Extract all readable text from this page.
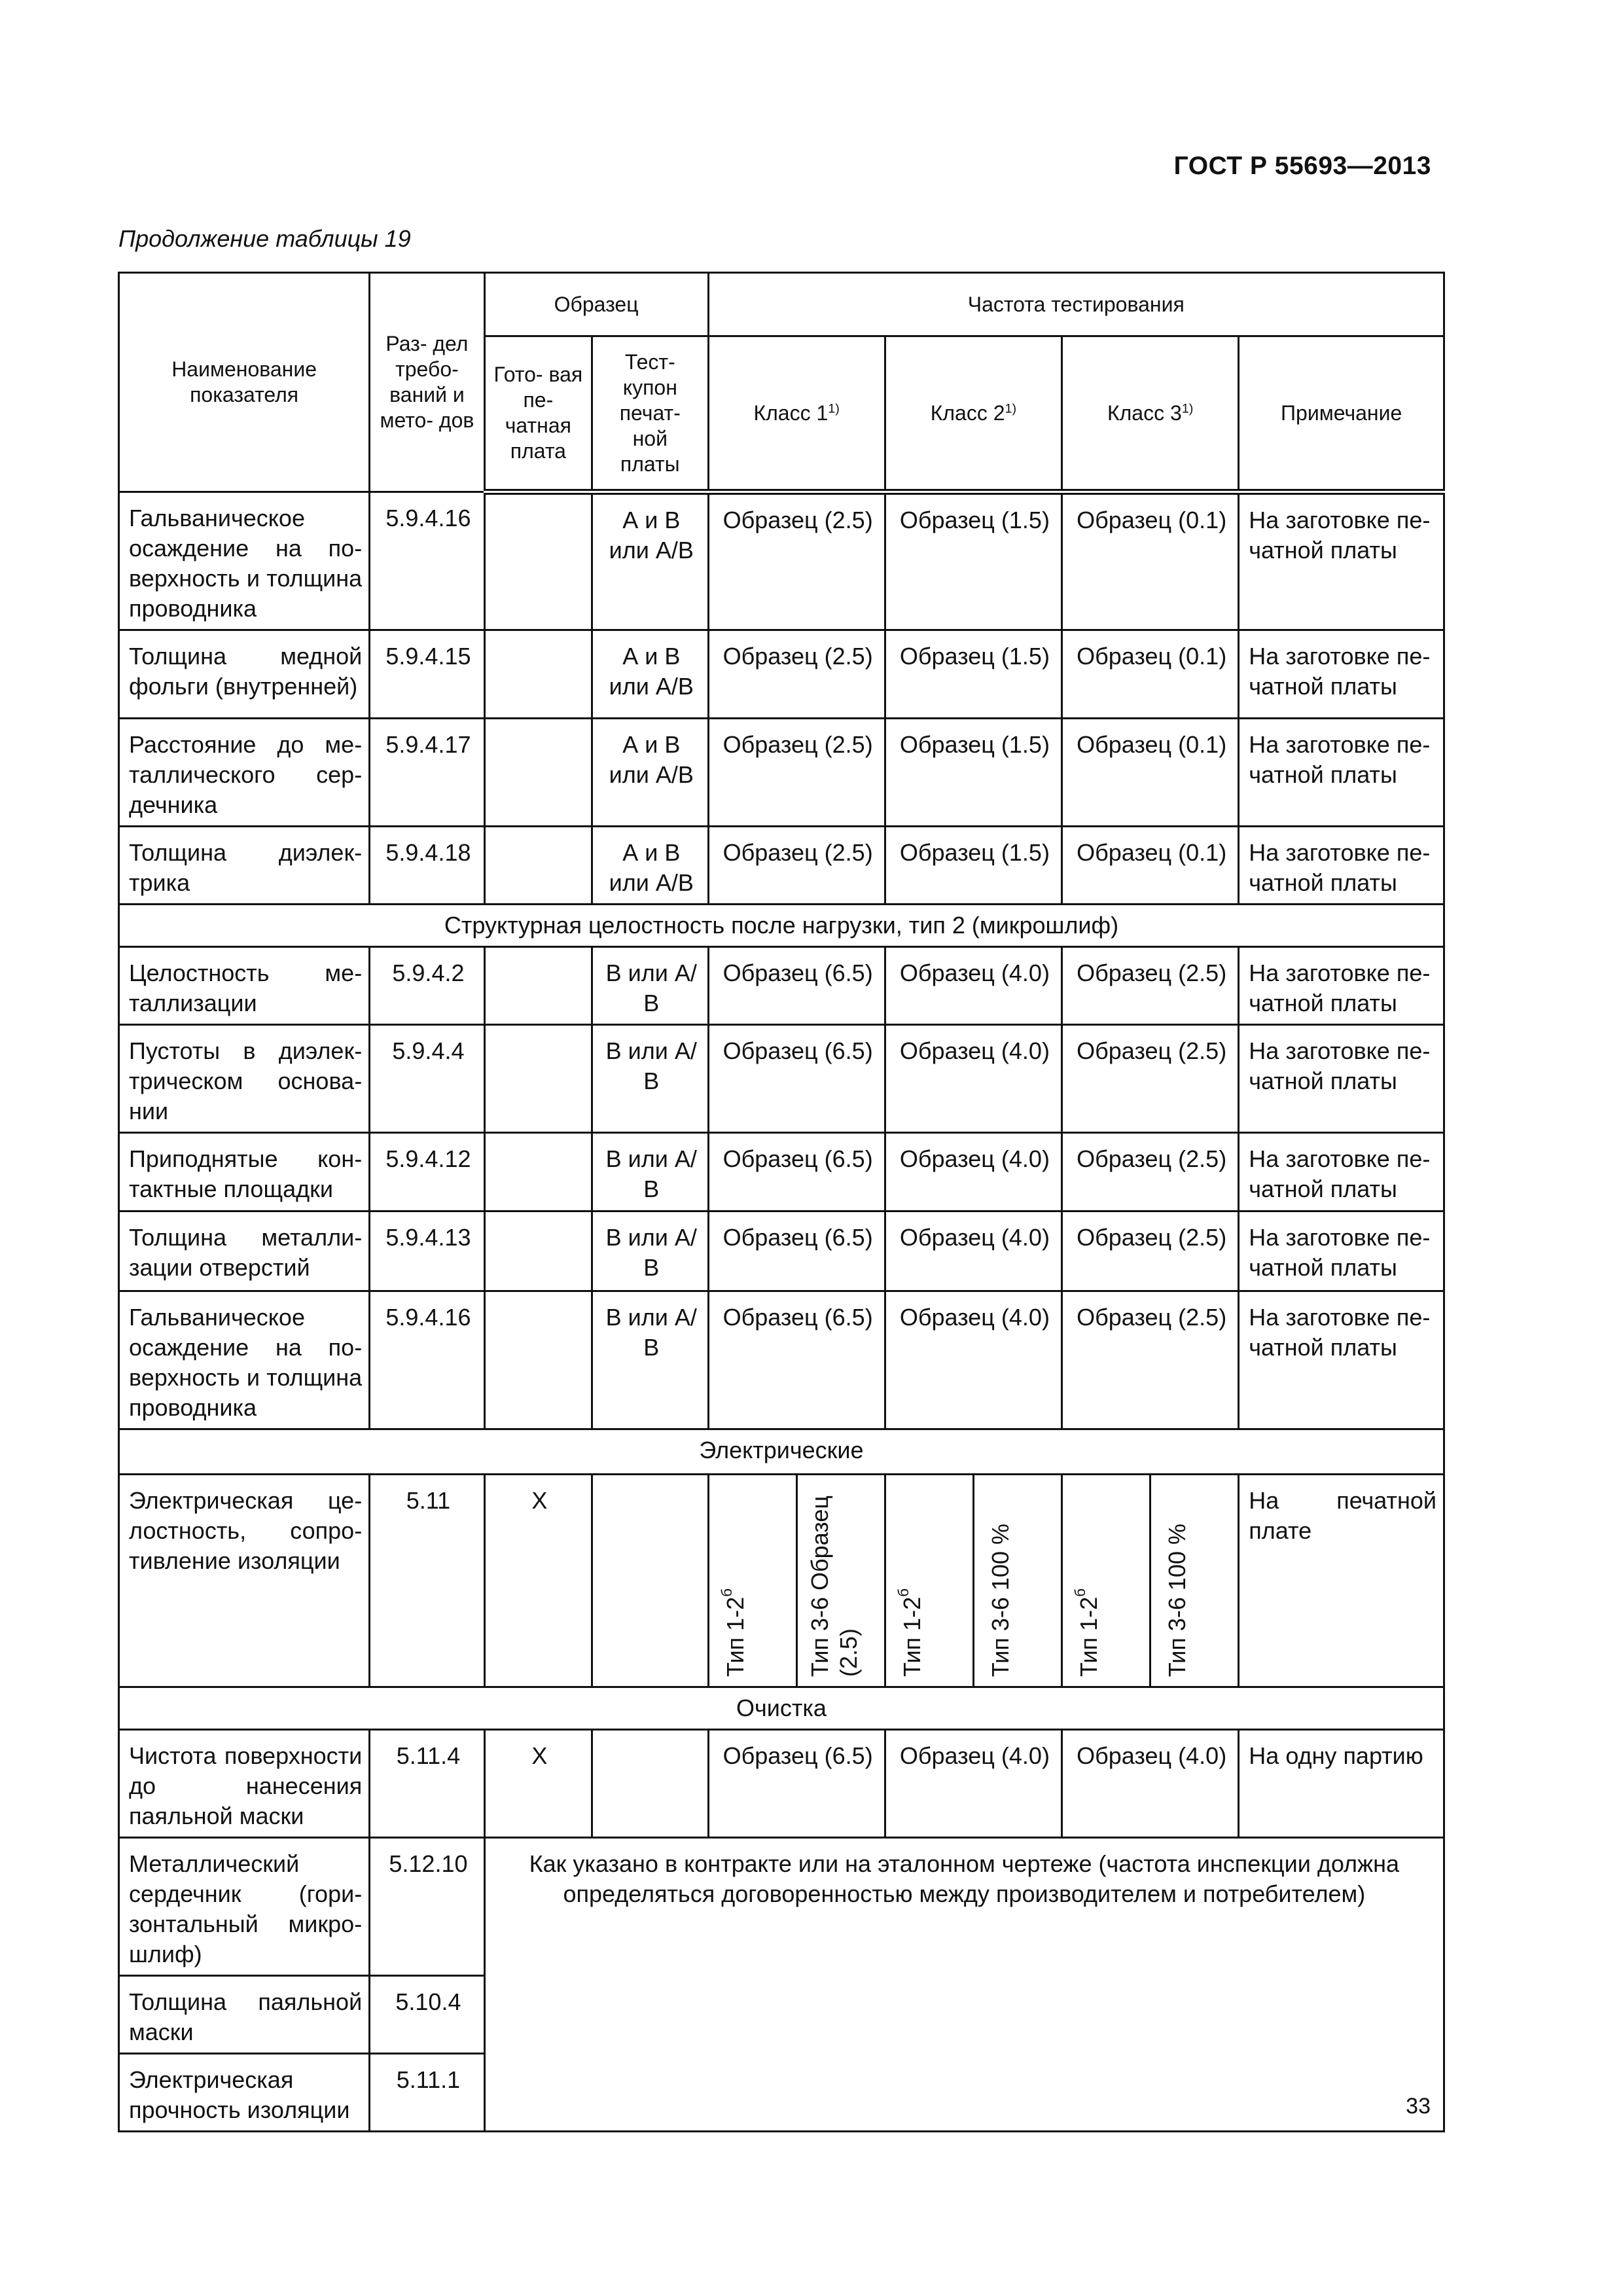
ГОСТ Р 55693—2013
Продолжение таблицы 19
Наименование показателя	Раз- дел требо- ваний и мето- дов	Образец		Частота тестирования						
		Гото- вая пе- чатная плата	Тест- купон печат- ной платы	Класс 1$^{1)}$		Класс 2$^{1)}$		Класс 3$^{1)}$		Примечание
Гальваническое осаждение на поверхность и толщина проводника	5.9.4.16		А и В или А/В	Образец (2.5)		Образец (1.5)		Образец (0.1)		На заготовке печатной платы
Толщина медной фольги (внутренней)	5.9.4.15		А и В или А/В	Образец (2.5)		Образец (1.5)		Образец (0.1)		На заготовке печатной платы
Расстояние до металлического сердечника	5.9.4.17		А и В или А/В	Образец (2.5)		Образец (1.5)		Образец (0.1)		На заготовке печатной платы
Толщина диэлектрика	5.9.4.18		А и В или А/В	Образец (2.5)		Образец (1.5)		Образец (0.1)		На заготовке печатной платы
Структурная целостность после нагрузки, тип 2 (микрошлиф)										
Целостность металлизации	5.9.4.2		В или А/В	Образец (6.5)		Образец (4.0)		Образец (2.5)		На заготовке печатной платы
Пустоты в диэлектрическом основании	5.9.4.4		В или А/В	Образец (6.5)		Образец (4.0)		Образец (2.5)		На заготовке печатной платы
Приподнятые контактные площадки	5.9.4.12		В или А/В	Образец (6.5)		Образец (4.0)		Образец (2.5)		На заготовке печатной платы
Толщина металлизации отверстий	5.9.4.13		В или А/В	Образец (6.5)		Образец (4.0)		Образец (2.5)		На заготовке печатной платы
Гальваническое осаждение на поверхность и толщина проводника	5.9.4.16		В или А/В	Образец (6.5)		Образец (4.0)		Образец (2.5)		На заготовке печатной платы
Электрические										
Электрическая целостность, сопротивление изоляции	5.11	X		Тип $1-2^б$	Тип 3-6 Образец (2.5)	Тип $1-2^б$	Тип 3-6 100 %	Тип $1-2^б$	Тип 3-6 100 %	На печатной плате
Очистка										
Чистота поверхности до нанесения паяльной маски	5.11.4	X		Образец (6.5)		Образец (4.0)		Образец (4.0)		На одну партию
Металлический сердечник (горизонтальный микрошлиф)	5.12.10	Как указано в контракте или на эталонном чертеже (частота инспекции должна определяться договоренностью между производителем и потребителем)								
Толщина паяльной маски	5.10.4									
Электрическая прочность изоляции	5.11.1									
33
